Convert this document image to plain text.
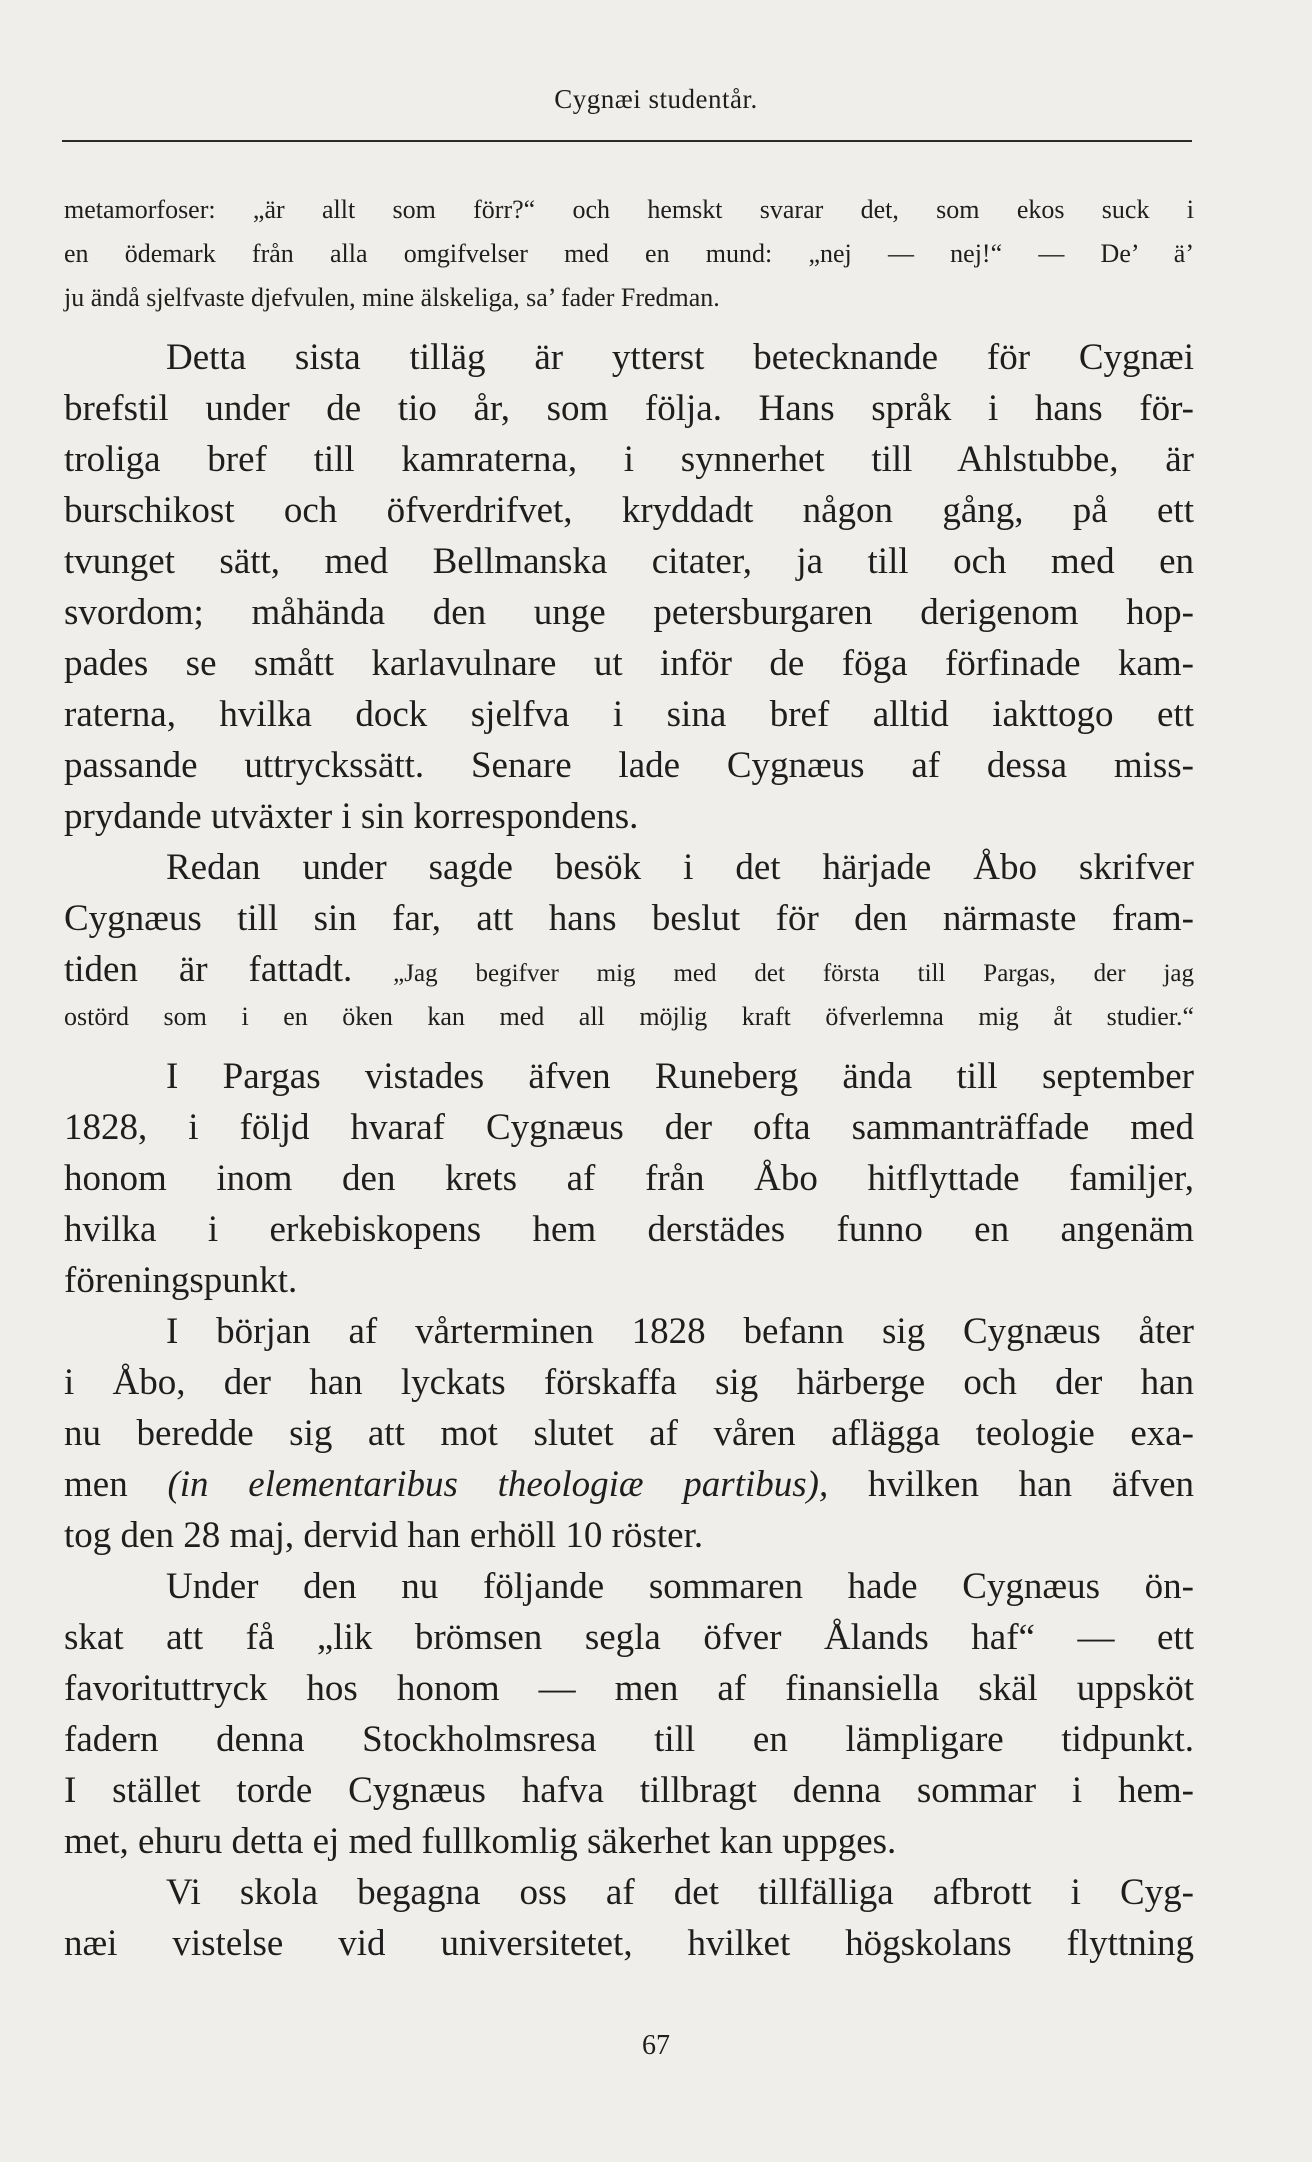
Cygnæi studentår.
metamorfoser: „är allt som förr?“ och hemskt svarar det, som ekos suck i
en ödemark från alla omgifvelser med en mund: „nej — nej!“ — De’ ä’
ju ändå sjelfvaste djefvulen, mine älskeliga, sa’ fader Fredman.
Detta sista tilläg är ytterst betecknande för Cygnæi
brefstil under de tio år, som följa. Hans språk i hans för-
troliga bref till kamraterna, i synnerhet till Ahlstubbe, är
burschikost och öfverdrifvet, kryddadt någon gång, på ett
tvunget sätt, med Bellmanska citater, ja till och med en
svordom; måhända den unge petersburgaren derigenom hop-
pades se smått karlavulnare ut inför de föga förfinade kam-
raterna, hvilka dock sjelfva i sina bref alltid iakttogo ett
passande uttryckssätt. Senare lade Cygnæus af dessa miss-
prydande utväxter i sin korrespondens.
Redan under sagde besök i det härjade Åbo skrifver
Cygnæus till sin far, att hans beslut för den närmaste fram-
tiden är fattadt. „Jag begifver mig med det första till Pargas, der jag
ostörd som i en öken kan med all möjlig kraft öfverlemna mig åt studier.“
I Pargas vistades äfven Runeberg ända till september
1828, i följd hvaraf Cygnæus der ofta sammanträffade med
honom inom den krets af från Åbo hitflyttade familjer,
hvilka i erkebiskopens hem derstädes funno en angenäm
föreningspunkt.
I början af vårterminen 1828 befann sig Cygnæus åter
i Åbo, der han lyckats förskaffa sig härberge och der han
nu beredde sig att mot slutet af våren aflägga teologie exa-
men (in elementaribus theologiæ partibus), hvilken han äfven
tog den 28 maj, dervid han erhöll 10 röster.
Under den nu följande sommaren hade Cygnæus ön-
skat att få „lik brömsen segla öfver Ålands haf“ — ett
favorituttryck hos honom — men af finansiella skäl uppsköt
fadern denna Stockholmsresa till en lämpligare tidpunkt.
I stället torde Cygnæus hafva tillbragt denna sommar i hem-
met, ehuru detta ej med fullkomlig säkerhet kan uppges.
Vi skola begagna oss af det tillfälliga afbrott i Cyg-
næi vistelse vid universitetet, hvilket högskolans flyttning
67
